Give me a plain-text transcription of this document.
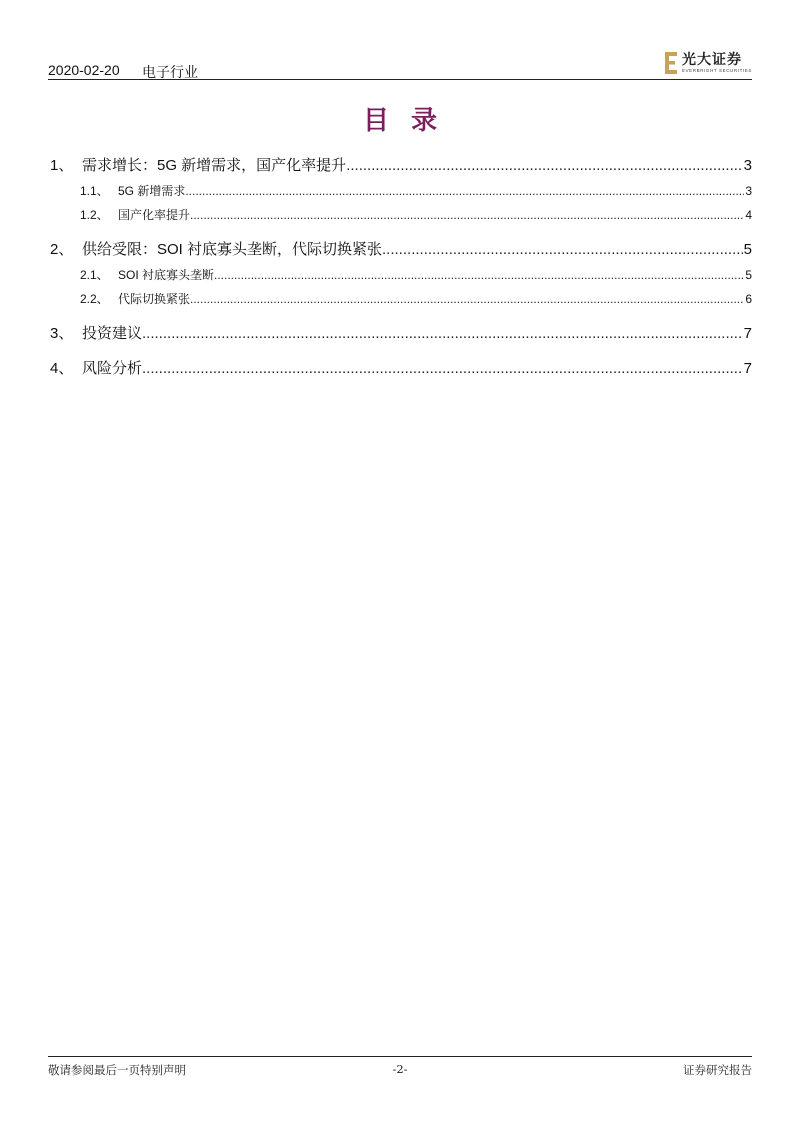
2020-02-20 电子行业
光大证券
EVERBRIGHT SECURITIES
目录
1、 需求增长：5G 新增需求，国产化率提升 .....	3
1.1、 5G 新增需求 .....	3
1.2、 国产化率提升 .....	4
2、 供给受限：SOI 衬底寡头垄断，代际切换紧张 .....	5
2.1、 SOI 衬底寡头垄断 .....	5
2.2、 代际切换紧张 .....	6
3、 投资建议 .....	7
4、 风险分析 .....	7
敬请参阅最后一页特别声明	-2-	证券研究报告
